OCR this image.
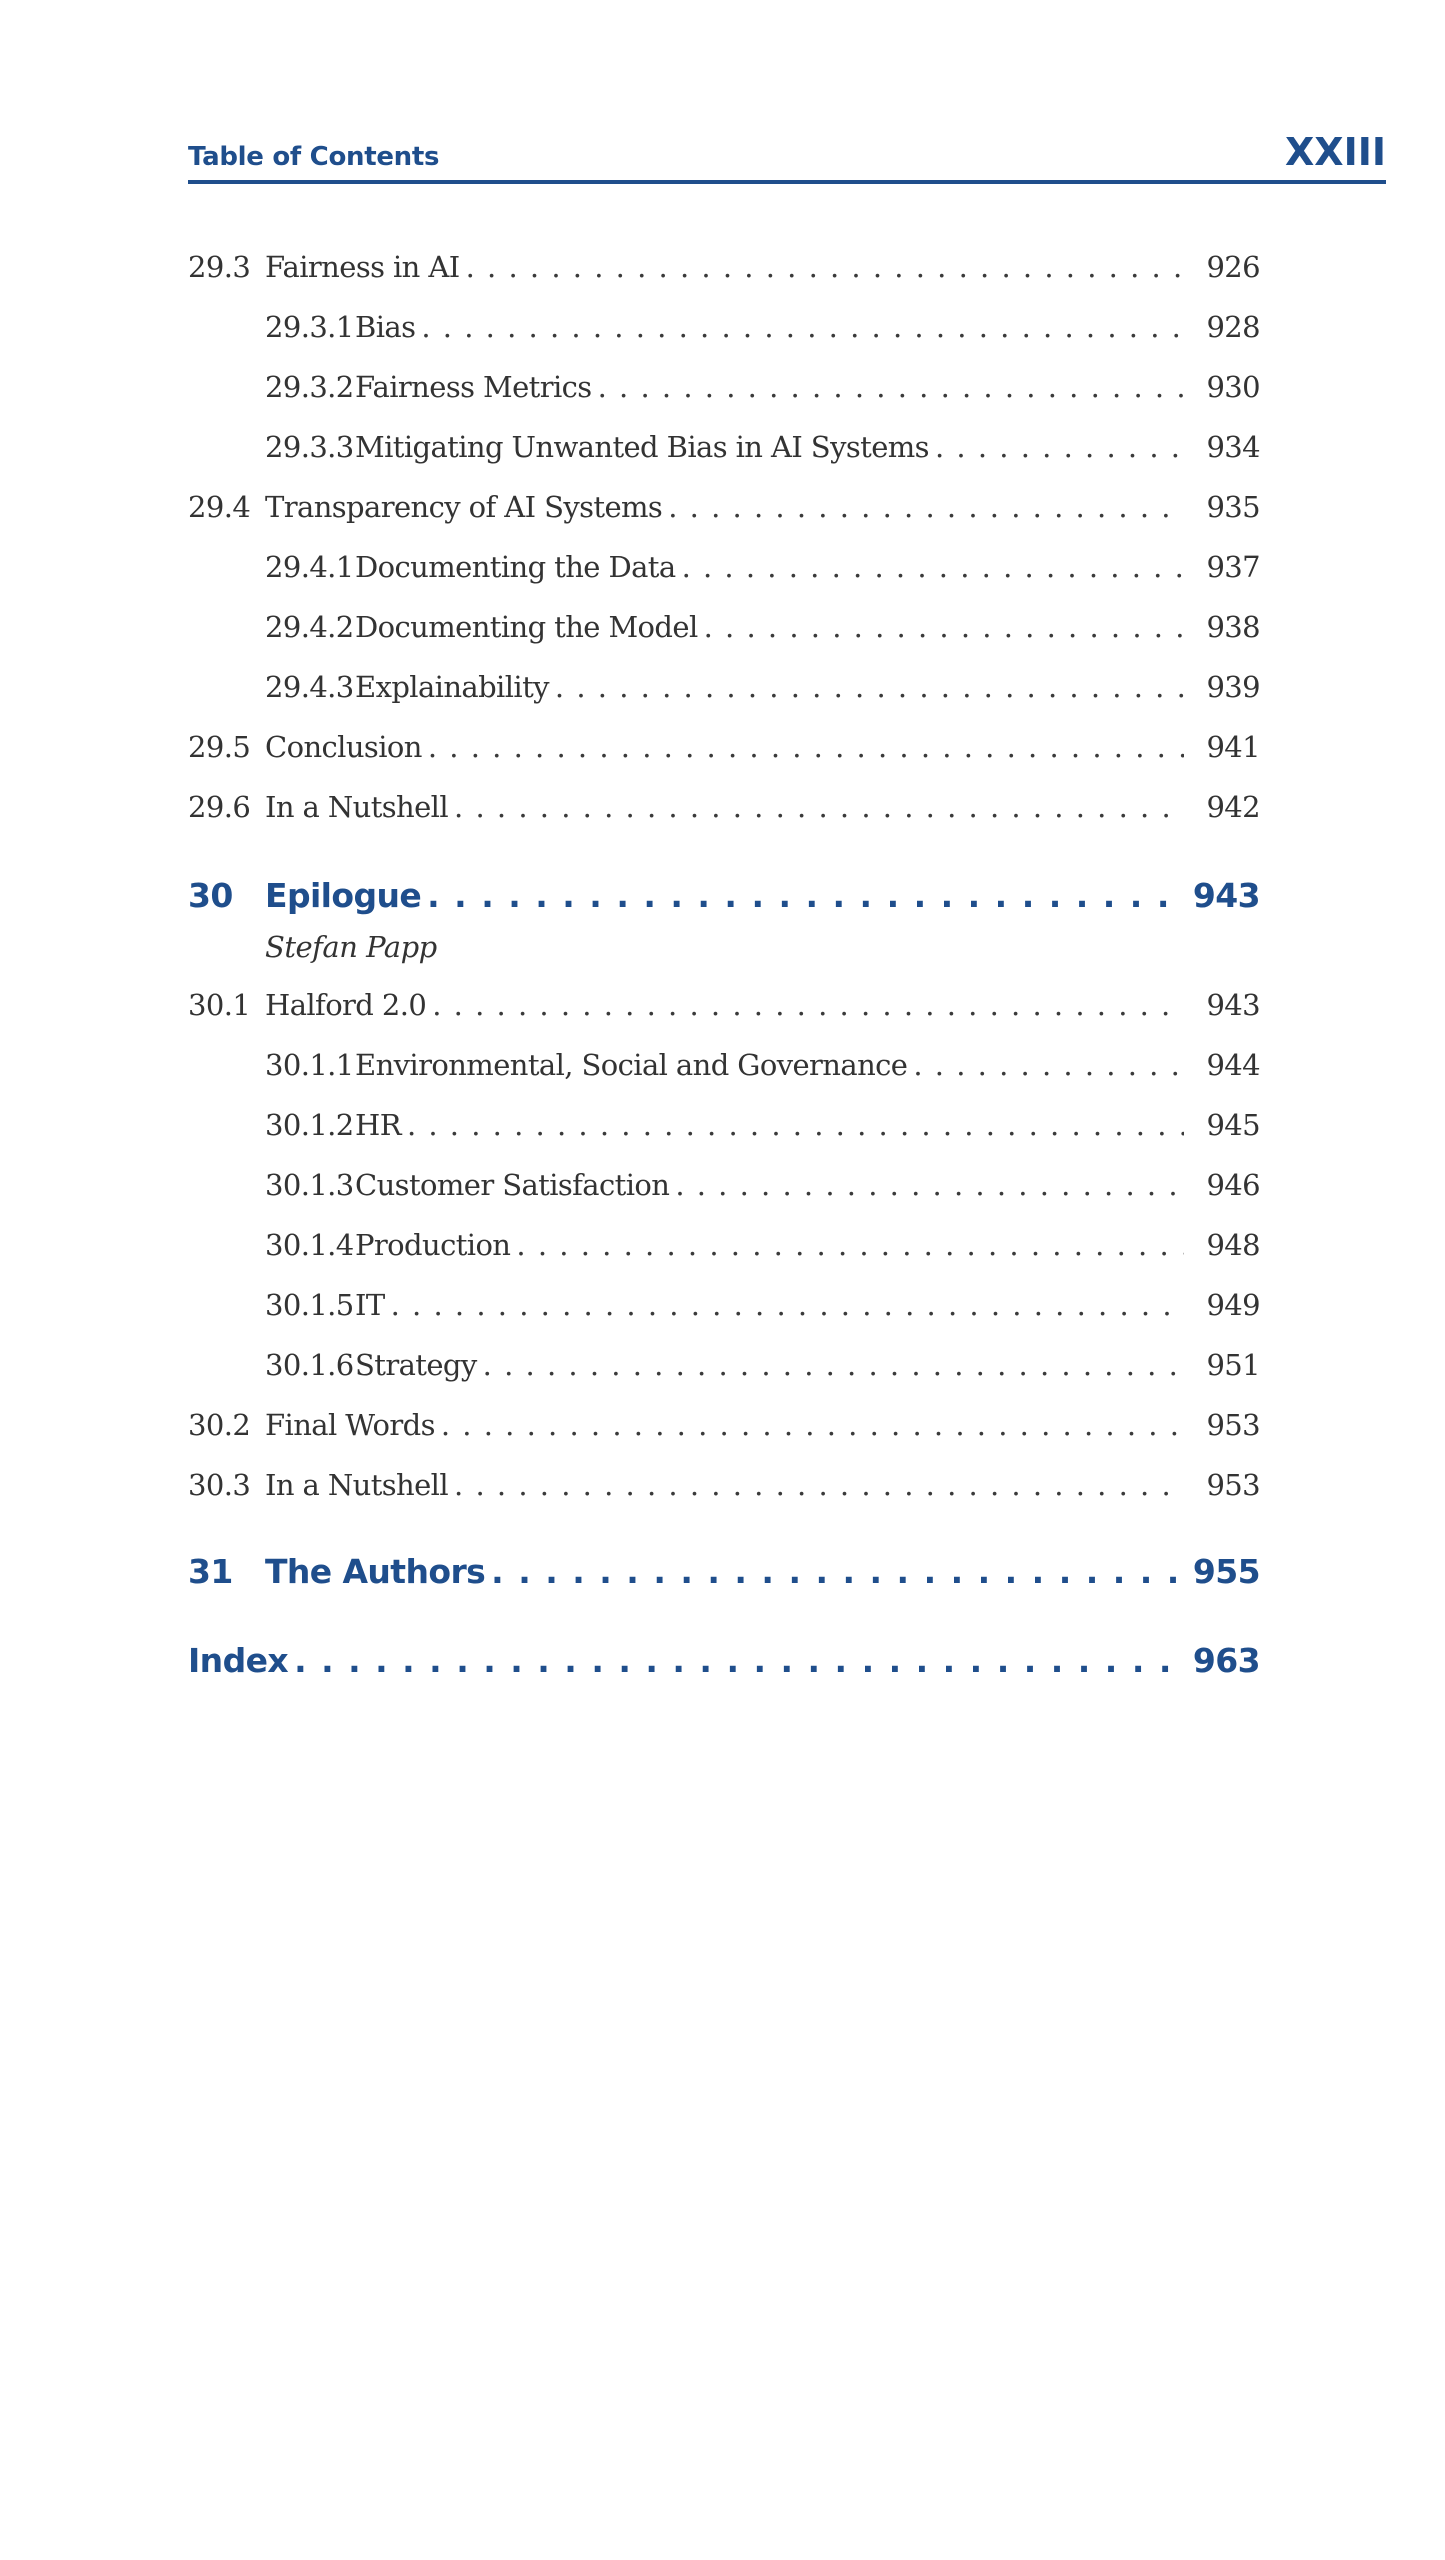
Table of Contents	XXIII
29.3 Fairness in AI . . .	926
29.3.1 Bias . . .	928
29.3.2 Fairness Metrics . . .	930
29.3.3 Mitigating Unwanted Bias in AI Systems . . .	934
29.4 Transparency of AI Systems . . .	935
29.4.1 Documenting the Data . . .	937
29.4.2 Documenting the Model . . .	938
29.4.3 Explainability . . .	939
29.5 Conclusion . . .	941
29.6 In a Nutshell . . .	942
30 Epilogue . . .	943
Stefan Papp
30.1 Halford 2.0 . . .	943
30.1.1 Environmental, Social and Governance . . .	944
30.1.2 HR . . .	945
30.1.3 Customer Satisfaction . . .	946
30.1.4 Production . . .	948
30.1.5 IT . . .	949
30.1.6 Strategy . . .	951
30.2 Final Words . . .	953
30.3 In a Nutshell . . .	953
31 The Authors . . .	955
Index . . .	963
